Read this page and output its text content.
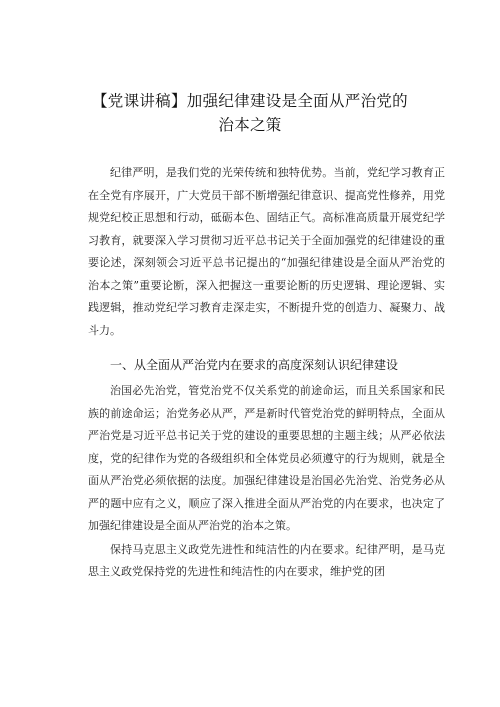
【党课讲稿】加强纪律建设是全面从严治党的
治本之策

纪律严明，是我们党的光荣传统和独特优势。当前，党纪学习教育正在全党有序展开，广大党员干部不断增强纪律意识、提高党性修养，用党规党纪校正思想和行动，砥砺本色、固结正气。高标准高质量开展党纪学习教育，就要深入学习贯彻习近平总书记关于全面加强党的纪律建设的重要论述，深刻领会习近平总书记提出的“加强纪律建设是全面从严治党的治本之策”重要论断，深入把握这一重要论断的历史逻辑、理论逻辑、实践逻辑，推动党纪学习教育走深走实，不断提升党的创造力、凝聚力、战斗力。

一、从全面从严治党内在要求的高度深刻认识纪律建设

治国必先治党，管党治党不仅关系党的前途命运，而且关系国家和民族的前途命运；治党务必从严，严是新时代管党治党的鲜明特点，全面从严治党是习近平总书记关于党的建设的重要思想的主题主线；从严必依法度，党的纪律作为党的各级组织和全体党员必须遵守的行为规则，就是全面从严治党必须依据的法度。加强纪律建设是治国必先治党、治党务必从严的题中应有之义，顺应了深入推进全面从严治党的内在要求，也决定了加强纪律建设是全面从严治党的治本之策。

保持马克思主义政党先进性和纯洁性的内在要求。纪律严明，是马克思主义政党保持党的先进性和纯洁性的内在要求，维护党的团
